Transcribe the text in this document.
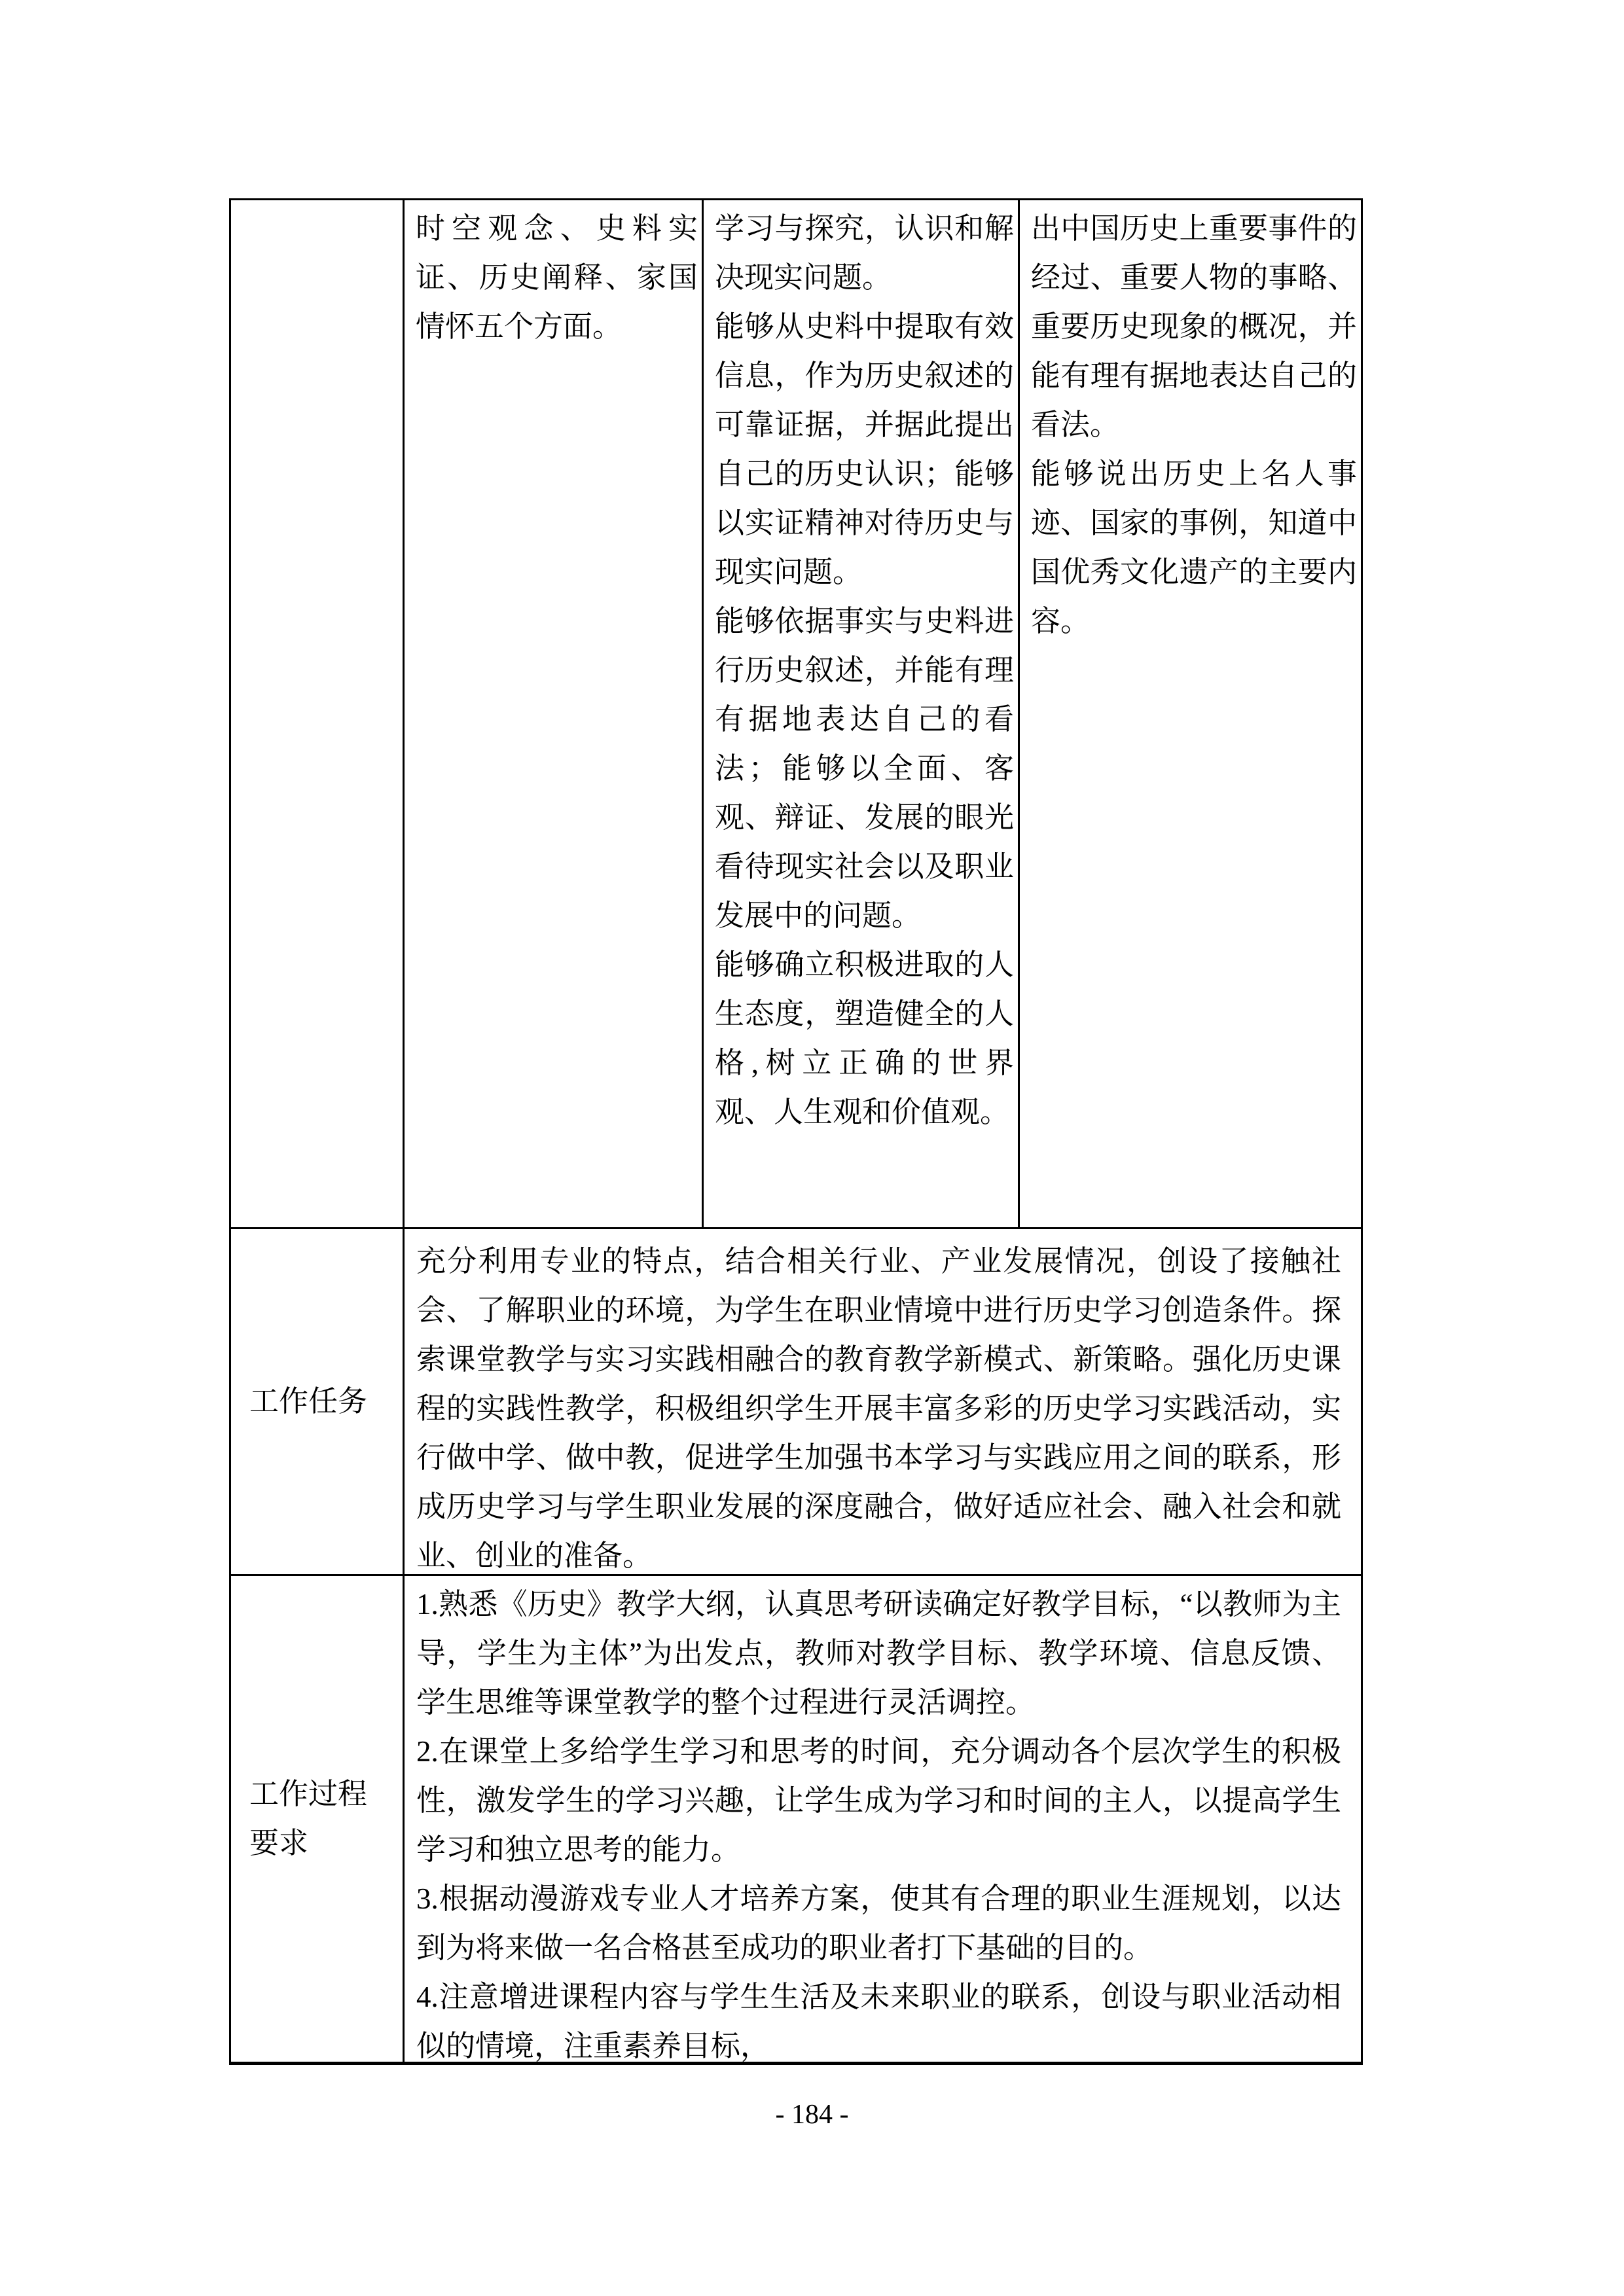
时空观念、史料实证、历史阐释、家国情怀五个方面。

学习与探究，认识和解决现实问题。

能够从史料中提取有效信息，作为历史叙述的可靠证据，并据此提出自己的历史认识；能够以实证精神对待历史与现实问题。

能够依据事实与史料进行历史叙述，并能有理有据地表达自己的看法；能够以全面、客观、辩证、发展的眼光看待现实社会以及职业发展中的问题。

能够确立积极进取的人生态度，塑造健全的人格,树立正确的世界观、人生观和价值观。

出中国历史上重要事件的经过、重要人物的事略、重要历史现象的概况，并能有理有据地表达自己的看法。

能够说出历史上名人事迹、国家的事例，知道中国优秀文化遗产的主要内容。

工作任务

充分利用专业的特点，结合相关行业、产业发展情况，创设了接触社会、了解职业的环境，为学生在职业情境中进行历史学习创造条件。探索课堂教学与实习实践相融合的教育教学新模式、新策略。强化历史课程的实践性教学，积极组织学生开展丰富多彩的历史学习实践活动，实行做中学、做中教，促进学生加强书本学习与实践应用之间的联系，形成历史学习与学生职业发展的深度融合，做好适应社会、融入社会和就业、创业的准备。

工作过程要求

1.熟悉《历史》教学大纲，认真思考研读确定好教学目标，“以教师为主导，学生为主体”为出发点，教师对教学目标、教学环境、信息反馈、学生思维等课堂教学的整个过程进行灵活调控。

2.在课堂上多给学生学习和思考的时间，充分调动各个层次学生的积极性，激发学生的学习兴趣，让学生成为学习和时间的主人，以提高学生学习和独立思考的能力。

3.根据动漫游戏专业人才培养方案，使其有合理的职业生涯规划，以达到为将来做一名合格甚至成功的职业者打下基础的目的。

4.注意增进课程内容与学生生活及未来职业的联系，创设与职业活动相似的情境，注重素养目标，

- 184 -
